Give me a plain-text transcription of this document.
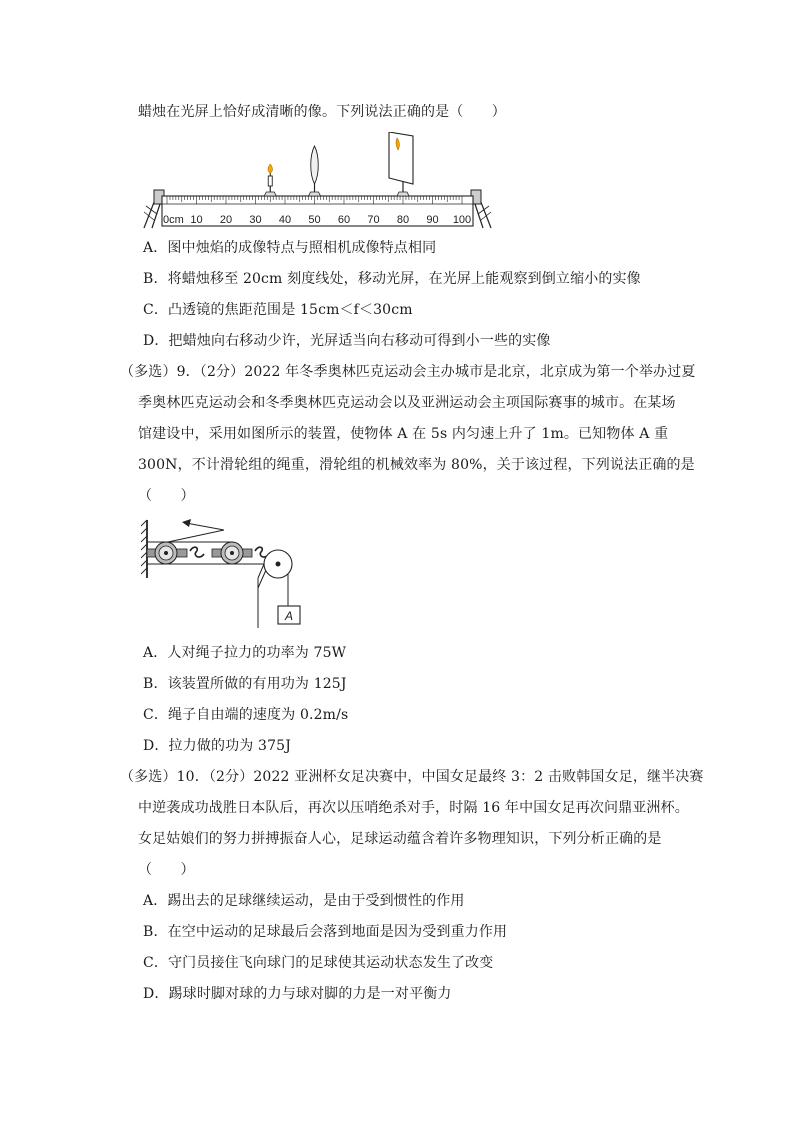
蜡烛在光屏上恰好成清晰的像。下列说法正确的是（　　）
0cm 10 20 30 40 50 60 70 80 90 100
A．图中烛焰的成像特点与照相机成像特点相同
B．将蜡烛移至 20cm 刻度线处，移动光屏，在光屏上能观察到倒立缩小的实像
C．凸透镜的焦距范围是 15cm＜f＜30cm
D．把蜡烛向右移动少许，光屏适当向右移动可得到小一些的实像
（多选）9．（2分）2022 年冬季奥林匹克运动会主办城市是北京，北京成为第一个举办过夏
季奥林匹克运动会和冬季奥林匹克运动会以及亚洲运动会主项国际赛事的城市。在某场
馆建设中，采用如图所示的装置，使物体 A 在 5s 内匀速上升了 1m。已知物体 A 重
300N，不计滑轮组的绳重，滑轮组的机械效率为 80%，关于该过程，下列说法正确的是
（　　）
A
A．人对绳子拉力的功率为 75W
B．该装置所做的有用功为 125J
C．绳子自由端的速度为 0.2m/s
D．拉力做的功为 375J
（多选）10．（2分）2022 亚洲杯女足决赛中，中国女足最终 3：2 击败韩国女足，继半决赛
中逆袭成功战胜日本队后，再次以压哨绝杀对手，时隔 16 年中国女足再次问鼎亚洲杯。
女足姑娘们的努力拼搏振奋人心，足球运动蕴含着许多物理知识，下列分析正确的是
（　　）
A．踢出去的足球继续运动，是由于受到惯性的作用
B．在空中运动的足球最后会落到地面是因为受到重力作用
C．守门员接住飞向球门的足球使其运动状态发生了改变
D．踢球时脚对球的力与球对脚的力是一对平衡力
